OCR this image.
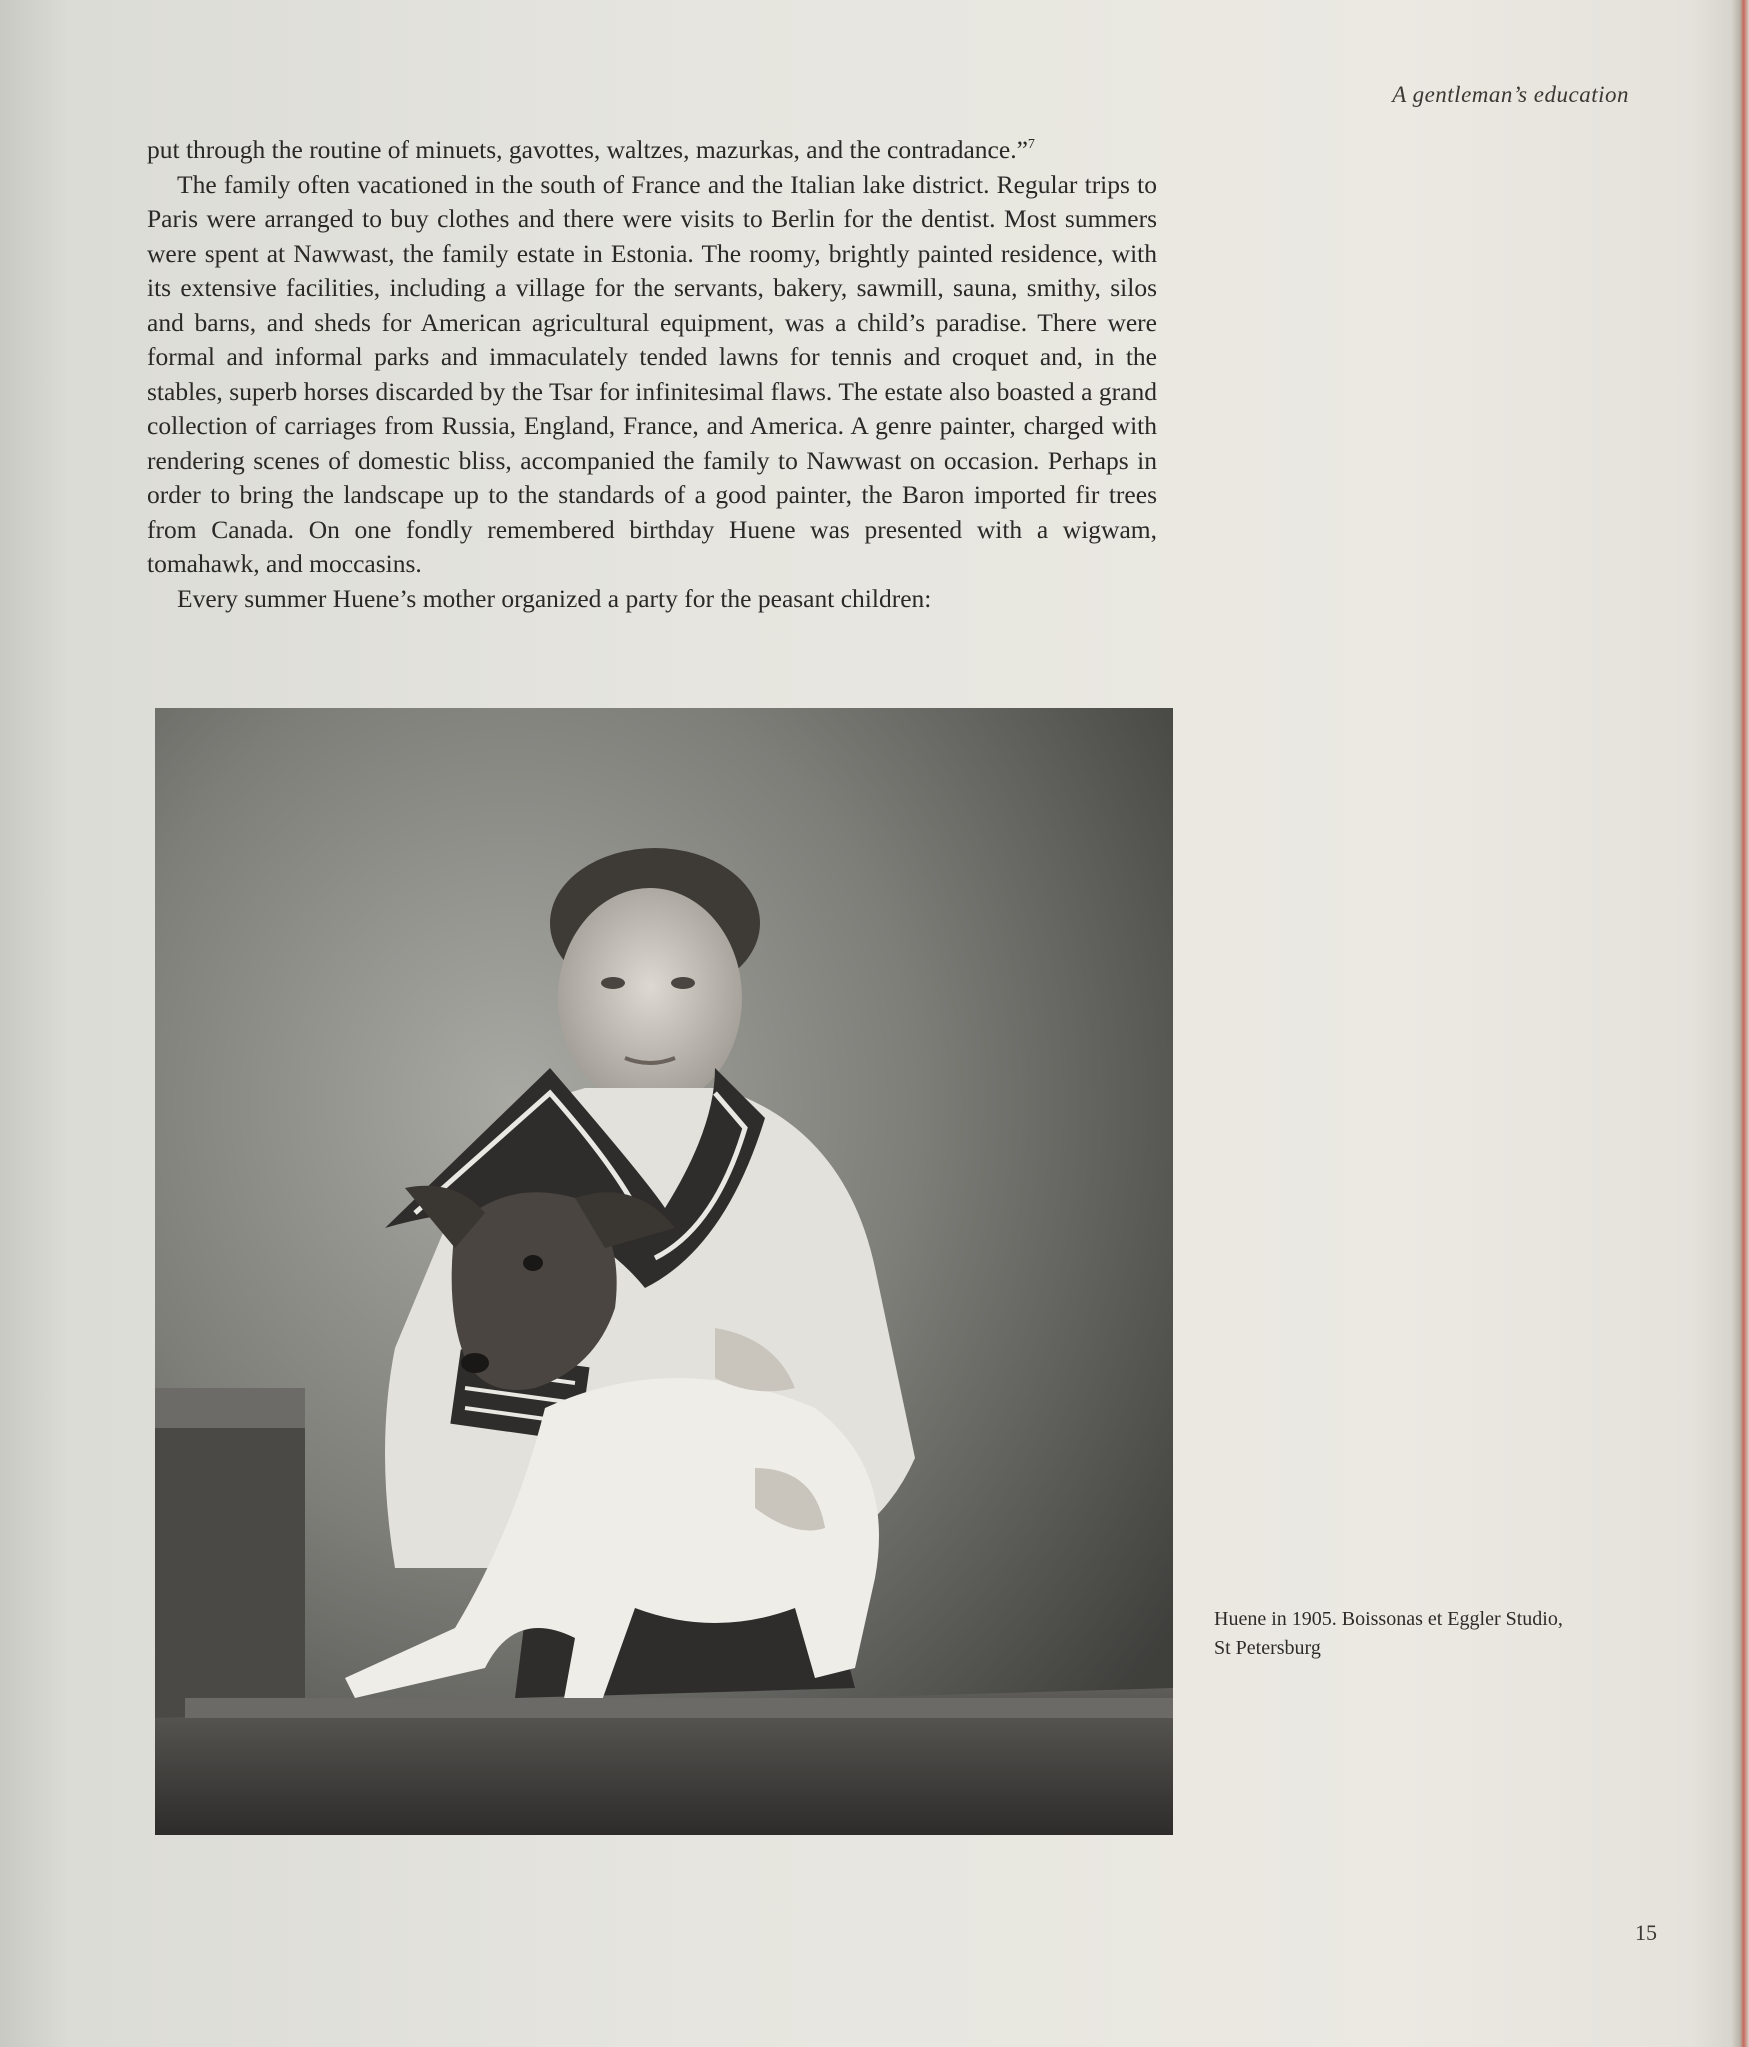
A gentleman’s education

put through the routine of minuets, gavottes, waltzes, mazurkas, and the contradance.”$^7$

The family often vacationed in the south of France and the Italian lake district. Regular trips to Paris were arranged to buy clothes and there were visits to Berlin for the dentist. Most summers were spent at Nawwast, the family estate in Estonia. The roomy, brightly painted residence, with its extensive facilities, including a village for the servants, bakery, sawmill, sauna, smithy, silos and barns, and sheds for American agricultural equipment, was a child’s paradise. There were formal and informal parks and immaculately tended lawns for tennis and croquet and, in the stables, superb horses discarded by the Tsar for infinitesimal flaws. The estate also boasted a grand collection of carriages from Russia, England, France, and America. A genre painter, charged with rendering scenes of domestic bliss, accompanied the family to Nawwast on occasion. Perhaps in order to bring the landscape up to the standards of a good painter, the Baron imported fir trees from Canada. On one fondly remembered birthday Huene was presented with a wigwam, tomahawk, and moccasins.

Every summer Huene’s mother organized a party for the peasant children:

Huene in 1905. Boissonas et Eggler Studio,
St Petersburg
15
